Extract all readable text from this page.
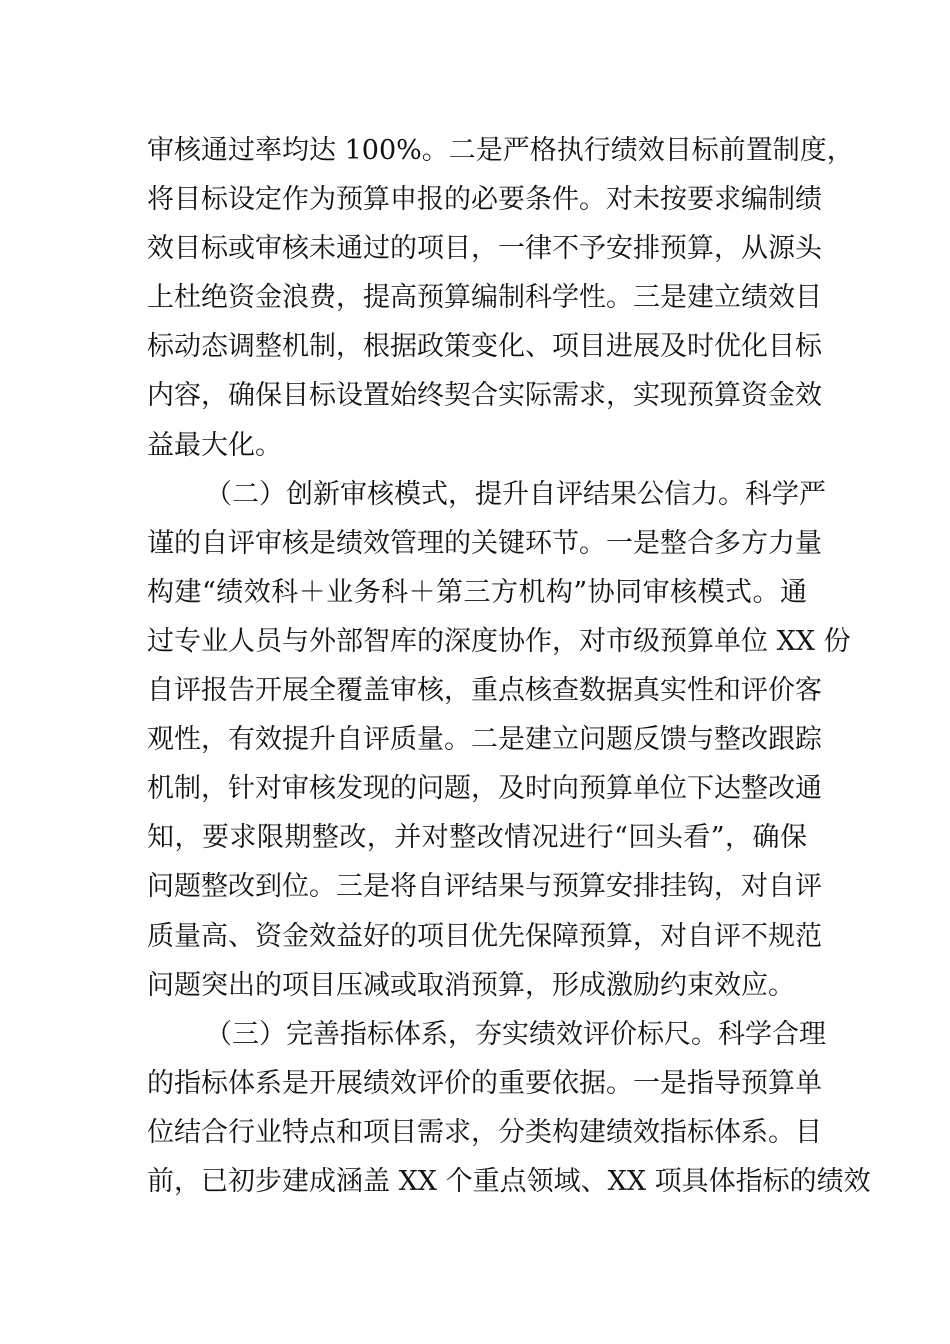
审核通过率均达 100%。二是严格执行绩效目标前置制度，
将目标设定作为预算申报的必要条件。对未按要求编制绩
效目标或审核未通过的项目，一律不予安排预算，从源头
上杜绝资金浪费，提高预算编制科学性。三是建立绩效目
标动态调整机制，根据政策变化、项目进展及时优化目标
内容，确保目标设置始终契合实际需求，实现预算资金效
益最大化。
（二）创新审核模式，提升自评结果公信力。科学严
谨的自评审核是绩效管理的关键环节。一是整合多方力量
构建“绩效科＋业务科＋第三方机构”协同审核模式。通
过专业人员与外部智库的深度协作，对市级预算单位 XX 份
自评报告开展全覆盖审核，重点核查数据真实性和评价客
观性，有效提升自评质量。二是建立问题反馈与整改跟踪
机制，针对审核发现的问题，及时向预算单位下达整改通
知，要求限期整改，并对整改情况进行“回头看”，确保
问题整改到位。三是将自评结果与预算安排挂钩，对自评
质量高、资金效益好的项目优先保障预算，对自评不规范
问题突出的项目压减或取消预算，形成激励约束效应。
（三）完善指标体系，夯实绩效评价标尺。科学合理
的指标体系是开展绩效评价的重要依据。一是指导预算单
位结合行业特点和项目需求，分类构建绩效指标体系。目
前，已初步建成涵盖 XX 个重点领域、XX 项具体指标的绩效
